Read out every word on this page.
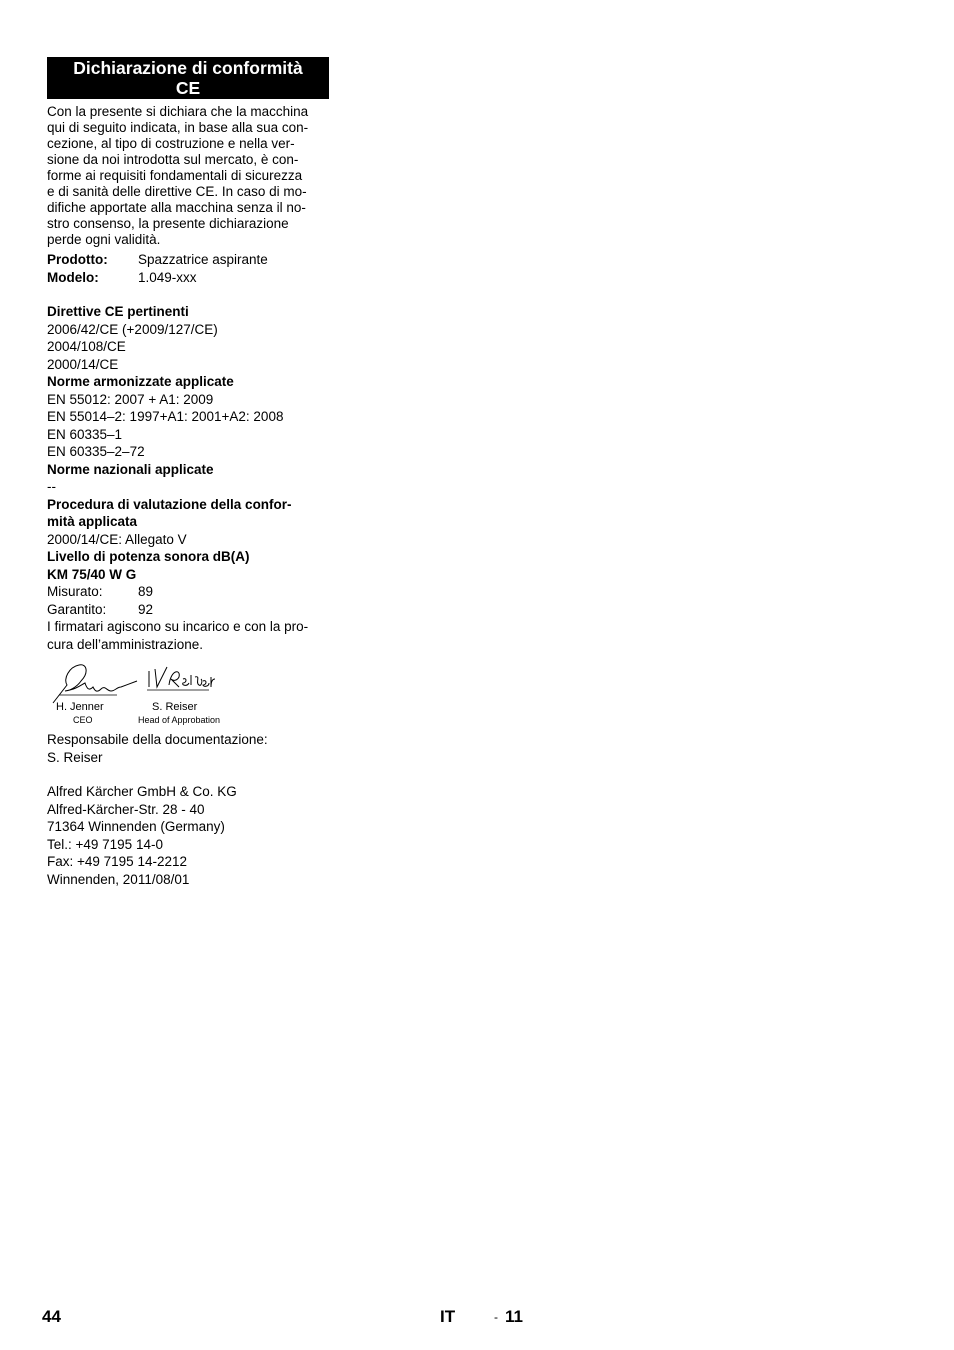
Dichiarazione di conformità
CE
Con la presente si dichiara che la macchina
qui di seguito indicata, in base alla sua con-
cezione, al tipo di costruzione e nella ver-
sione da noi introdotta sul mercato, è con-
forme ai requisiti fondamentali di sicurezza
e di sanità delle direttive CE. In caso di mo-
difiche apportate alla macchina senza il no-
stro consenso, la presente dichiarazione
perde ogni validità.
Prodotto:	Spazzatrice aspirante
Modelo:	1.049-xxx
Direttive CE pertinenti
2006/42/CE (+2009/127/CE)
2004/108/CE
2000/14/CE
Norme armonizzate applicate
EN 55012: 2007 + A1: 2009
EN 55014–2: 1997+A1: 2001+A2: 2008
EN 60335–1
EN 60335–2–72
Norme nazionali applicate
--
Procedura di valutazione della confor-
mità applicata
2000/14/CE: Allegato V
Livello di potenza sonora dB(A)
KM 75/40 W G
Misurato:	89
Garantito:	92
I firmatari agiscono su incarico e con la pro-
cura dell’amministrazione.
H. Jenner
CEO
S. Reiser
Head of Approbation
Responsabile della documentazione:
S. Reiser
Alfred Kärcher GmbH & Co. KG
Alfred-Kärcher-Str. 28 - 40
71364 Winnenden (Germany)
Tel.: +49 7195 14-0
Fax: +49 7195 14-2212
Winnenden, 2011/08/01
44	IT	- 11
